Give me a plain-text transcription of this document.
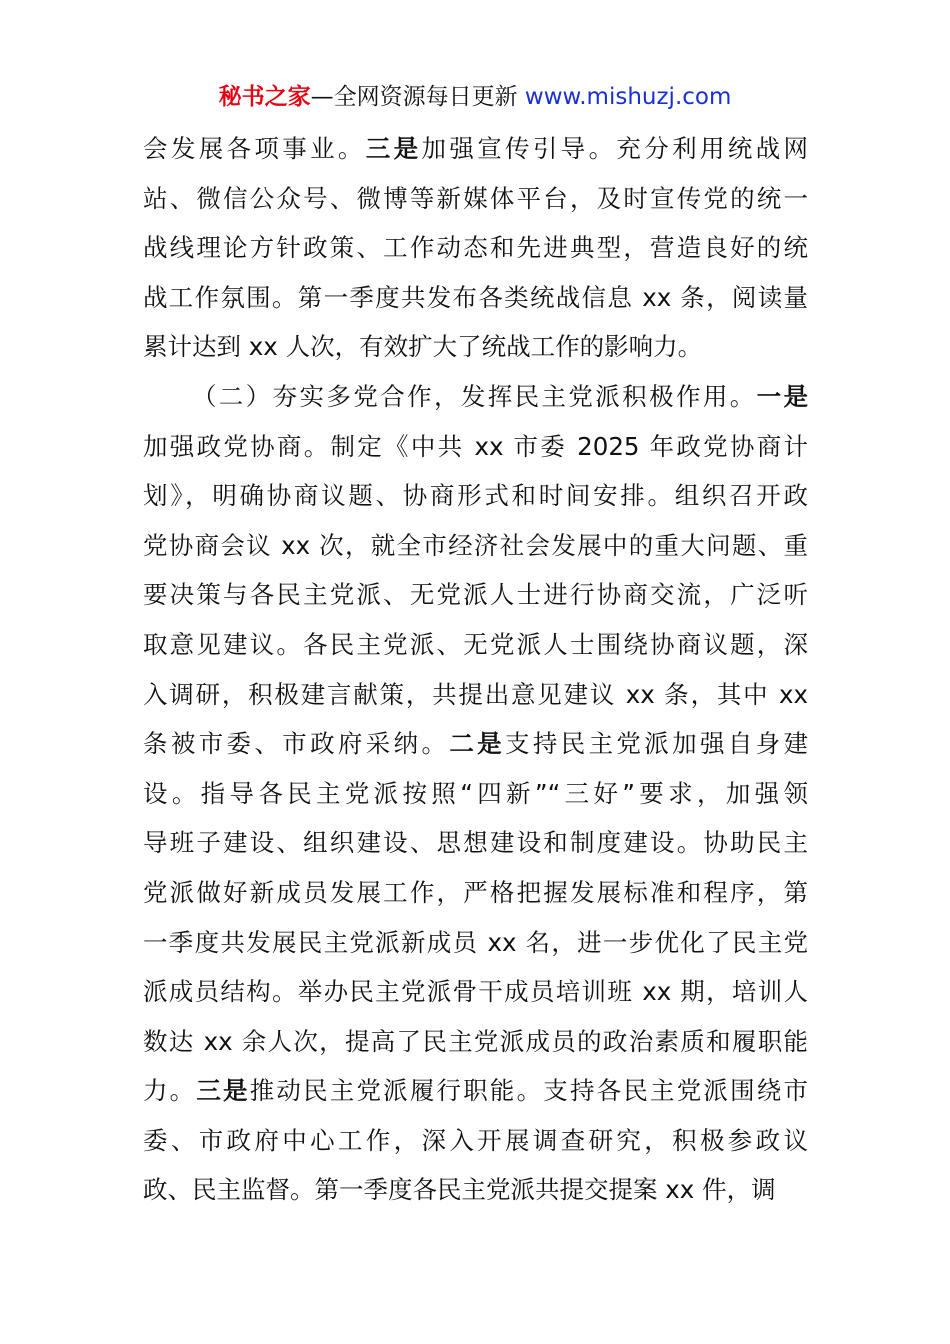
秘书之家—全网资源每日更新 www.mishuzj.com
会发展各项事业。三是加强宣传引导。充分利用统战网
站、微信公众号、微博等新媒体平台，及时宣传党的统一
战线理论方针政策、工作动态和先进典型，营造良好的统
战工作氛围。第一季度共发布各类统战信息 xx 条，阅读量
累计达到 xx 人次，有效扩大了统战工作的影响力。
（二）夯实多党合作，发挥民主党派积极作用。一是
加强政党协商。制定《中共 xx 市委 2025 年政党协商计
划》，明确协商议题、协商形式和时间安排。组织召开政
党协商会议 xx 次，就全市经济社会发展中的重大问题、重
要决策与各民主党派、无党派人士进行协商交流，广泛听
取意见建议。各民主党派、无党派人士围绕协商议题，深
入调研，积极建言献策，共提出意见建议 xx 条，其中 xx
条被市委、市政府采纳。二是支持民主党派加强自身建
设。指导各民主党派按照“四新”“三好”要求，加强领
导班子建设、组织建设、思想建设和制度建设。协助民主
党派做好新成员发展工作，严格把握发展标准和程序，第
一季度共发展民主党派新成员 xx 名，进一步优化了民主党
派成员结构。举办民主党派骨干成员培训班 xx 期，培训人
数达 xx 余人次，提高了民主党派成员的政治素质和履职能
力。三是推动民主党派履行职能。支持各民主党派围绕市
委、市政府中心工作，深入开展调查研究，积极参政议
政、民主监督。第一季度各民主党派共提交提案 xx 件，调
